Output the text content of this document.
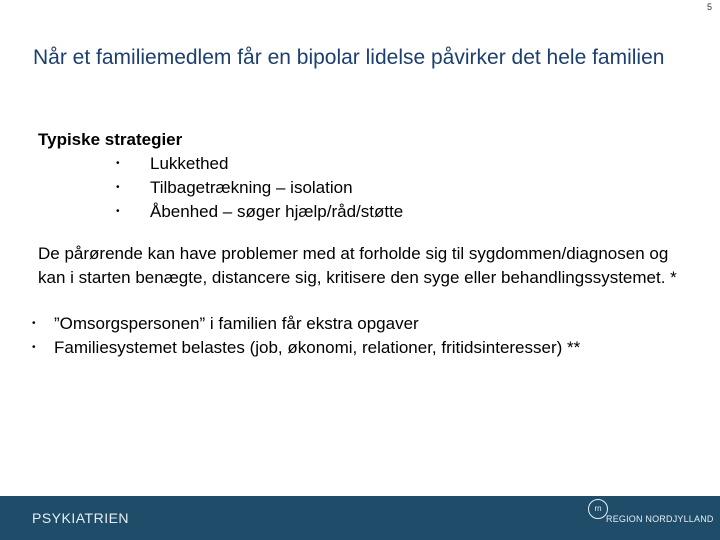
5
Når et familiemedlem får en bipolar lidelse påvirker det hele familien

Typiske strategier

• Lukkethed
• Tilbagetrækning – isolation
• Åbenhed – søger hjælp/råd/støtte

De pårørende kan have problemer med at forholde sig til sygdommen/diagnosen og kan i starten benægte, distancere sig, kritisere den syge eller behandlingssystemet. *

• ”Omsorgspersonen” i familien får ekstra opgaver
• Familiesystemet belastes (job, økonomi, relationer, fritidsinteresser) **
PSYKIATRIEN
rn
REGION NORDJYLLAND
